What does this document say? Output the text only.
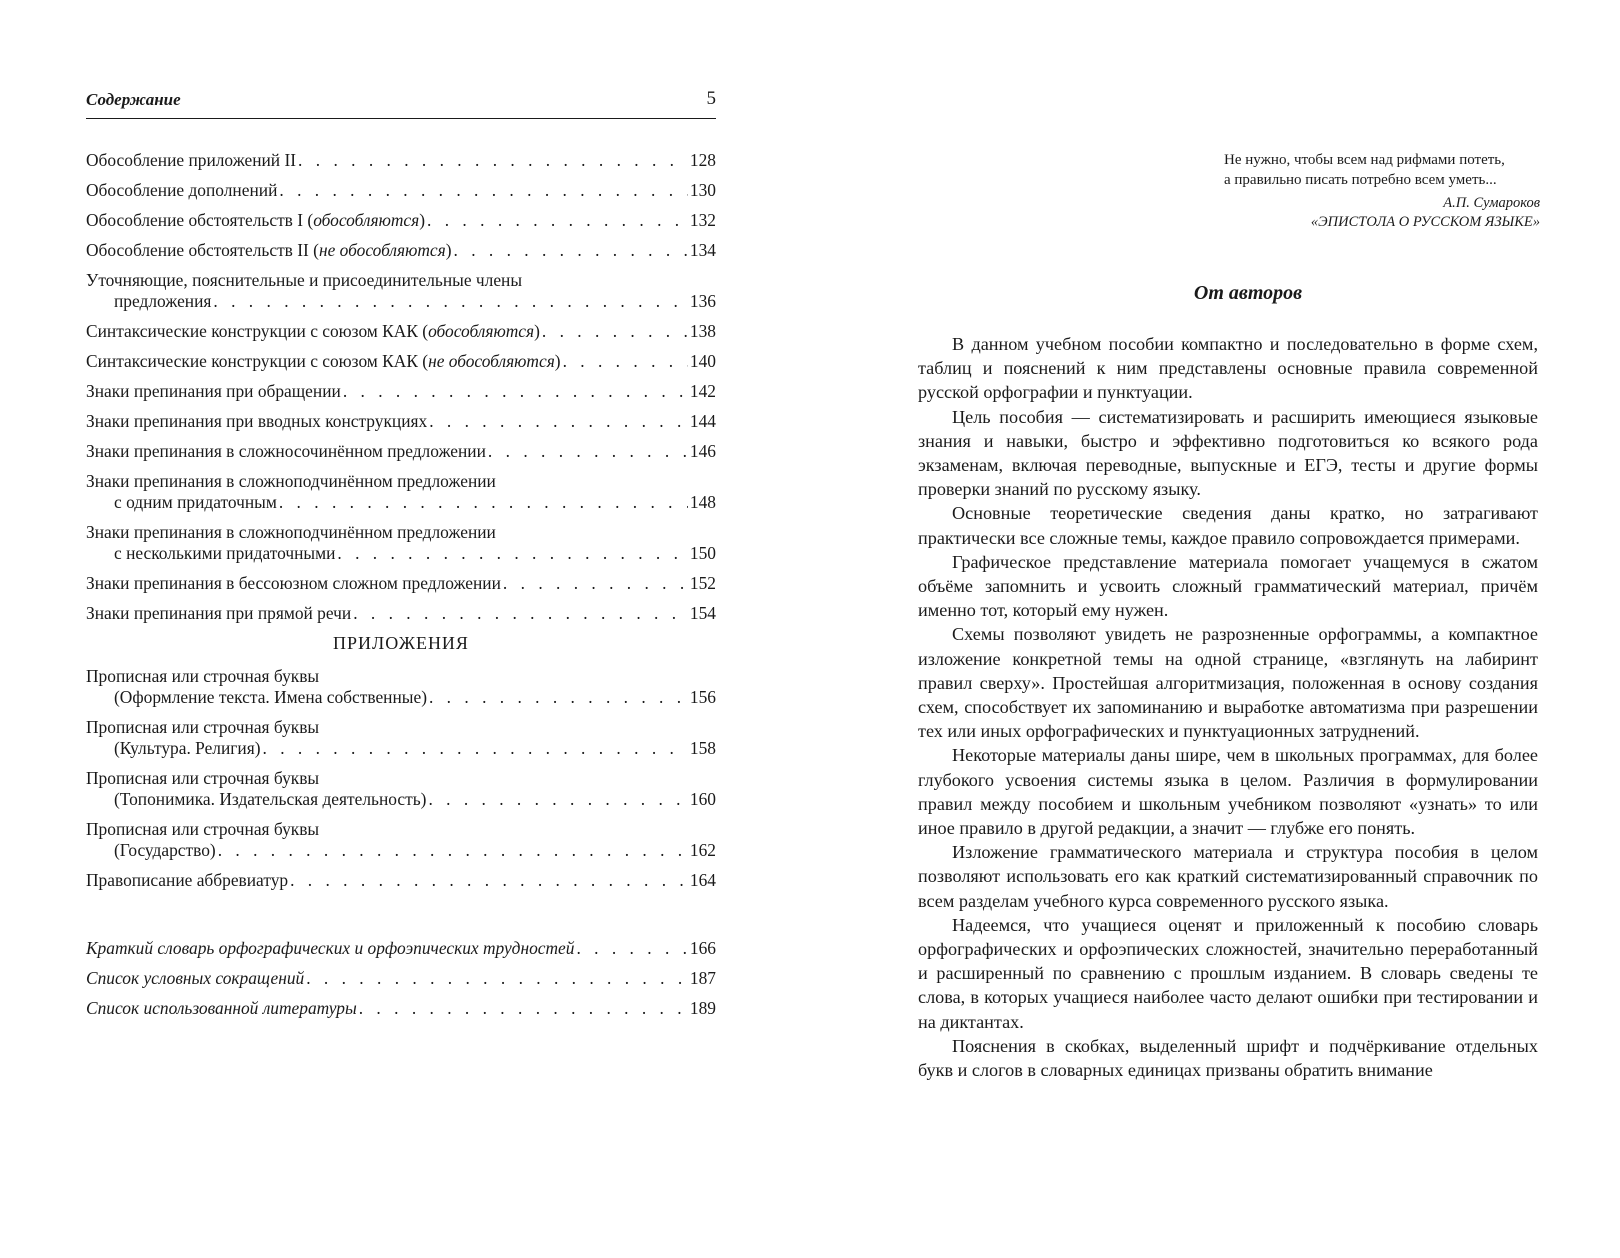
Содержание	5
Обособление приложений II . . .	128
Обособление дополнений . . .	130
Обособление обстоятельств I (обособляются) . . .	132
Обособление обстоятельств II (не обособляются) . . .	134
Уточняющие, пояснительные и присоединительные члены
предложения . . .	136
Синтаксические конструкции с союзом КАК (обособляются) . . .	138
Синтаксические конструкции с союзом КАК (не обособляются) . . .	140
Знаки препинания при обращении . . .	142
Знаки препинания при вводных конструкциях . . .	144
Знаки препинания в сложносочинённом предложении . . .	146
Знаки препинания в сложноподчинённом предложении
с одним придаточным . . .	148
Знаки препинания в сложноподчинённом предложении
с несколькими придаточными . . .	150
Знаки препинания в бессоюзном сложном предложении . . .	152
Знаки препинания при прямой речи . . .	154
ПРИЛОЖЕНИЯ
Прописная или строчная буквы
(Оформление текста. Имена собственные) . . .	156
Прописная или строчная буквы
(Культура. Религия) . . .	158
Прописная или строчная буквы
(Топонимика. Издательская деятельность) . . .	160
Прописная или строчная буквы
(Государство) . . .	162
Правописание аббревиатур . . .	164
Краткий словарь орфографических и орфоэпических трудностей . . .	166
Список условных сокращений . . .	187
Список использованной литературы . . .	189
Не нужно, чтобы всем над рифмами потеть,
а правильно писать потребно всем уметь...
А.П. Сумароков
«ЭПИСТОЛА О РУССКОМ ЯЗЫКЕ»
От авторов

В данном учебном пособии компактно и последовательно в форме схем, таблиц и пояснений к ним представлены основные правила современной русской орфографии и пунктуации.

Цель пособия — систематизировать и расширить имеющиеся языковые знания и навыки, быстро и эффективно подготовиться ко всякого рода экзаменам, включая переводные, выпускные и ЕГЭ, тесты и другие формы проверки знаний по русскому языку.

Основные теоретические сведения даны кратко, но затрагивают практически все сложные темы, каждое правило сопровождается примерами.

Графическое представление материала помогает учащемуся в сжатом объёме запомнить и усвоить сложный грамматический материал, причём именно тот, который ему нужен.

Схемы позволяют увидеть не разрозненные орфограммы, а компактное изложение конкретной темы на одной странице, «взглянуть на лабиринт правил сверху». Простейшая алгоритмизация, положенная в основу создания схем, способствует их запоминанию и выработке автоматизма при разрешении тех или иных орфографических и пунктуационных затруднений.

Некоторые материалы даны шире, чем в школьных программах, для более глубокого усвоения системы языка в целом. Различия в формулировании правил между пособием и школьным учебником позволяют «узнать» то или иное правило в другой редакции, а значит — глубже его понять.

Изложение грамматического материала и структура пособия в целом позволяют использовать его как краткий систематизированный справочник по всем разделам учебного курса современного русского языка.

Надеемся, что учащиеся оценят и приложенный к пособию словарь орфографических и орфоэпических сложностей, значительно переработанный и расширенный по сравнению с прошлым изданием. В словарь сведены те слова, в которых учащиеся наиболее часто делают ошибки при тестировании и на диктантах.

Пояснения в скобках, выделенный шрифт и подчёркивание отдельных букв и слогов в словарных единицах призваны обратить внимание
